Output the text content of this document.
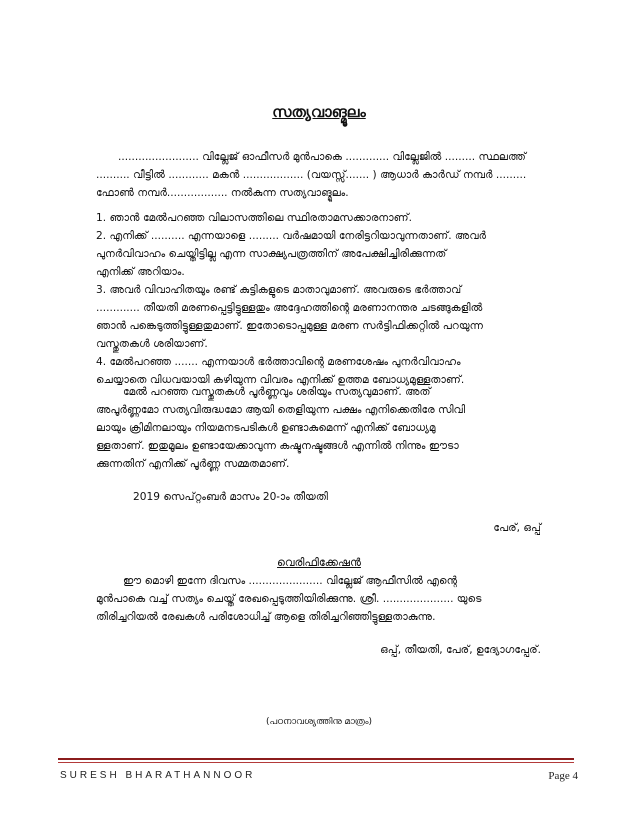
സത്യവാങ്മൂലം
........................ വില്ലേജ് ഓഫീസർ മുൻപാകെ ............. വില്ലേജിൽ ......... സ്ഥലത്ത്
.......... വീട്ടിൽ ............ മകൻ .................. (വയസ്സ്....... ) ആധാർ കാർഡ് നമ്പർ .........
ഫോൺ നമ്പർ.................. നൽകുന്ന സത്യവാങ്മൂലം.
1. ഞാൻ മേൽപറഞ്ഞ വിലാസത്തിലെ സ്ഥിരതാമസക്കാരനാണ്.
2. എനിക്ക് .......... എന്നയാളെ ......... വർഷമായി നേരിട്ടറിയാവുന്നതാണ്. അവർ
പുനർവിവാഹം ചെയ്തിട്ടില്ല എന്ന സാക്ഷ്യപത്രത്തിന് അപേക്ഷിച്ചിരിക്കുന്നത്
എനിക്ക് അറിയാം.
3. അവർ വിവാഹിതയും രണ്ട് കുട്ടികളുടെ മാതാവുമാണ്. അവരുടെ ഭർത്താവ്
............. തീയതി മരണപ്പെട്ടിട്ടുള്ളതും അദ്ദേഹത്തിന്റെ മരണാനന്തര ചടങ്ങുകളിൽ
ഞാൻ പങ്കെടുത്തിട്ടുള്ളതുമാണ്. ഇതോടൊപ്പമുള്ള മരണ സർട്ടിഫിക്കറ്റിൽ പറയുന്ന
വസ്തുതകൾ ശരിയാണ്.
4. മേൽപറഞ്ഞ ....... എന്നയാൾ ഭർത്താവിന്റെ മരണശേഷം പുനർവിവാഹം
ചെയ്യാതെ വിധവയായി കഴിയുന്ന വിവരം എനിക്ക് ഉത്തമ ബോധ്യമുള്ളതാണ്.
മേൽ പറഞ്ഞ വസ്തുതകൾ പൂർണ്ണവും ശരിയും സത്യവുമാണ്. അത്
അപൂർണ്ണമോ സത്യവിരുദ്ധമോ ആയി തെളിയുന്ന പക്ഷം എനിക്കെതിരേ സിവി
ലായും ക്രിമിനലായും നിയമനടപടികൾ ഉണ്ടാകുമെന്ന് എനിക്ക് ബോധ്യമു
ള്ളതാണ്. ഇതുമൂലം ഉണ്ടായേക്കാവുന്ന കഷ്ടനഷ്ടങ്ങൾ എന്നിൽ നിന്നും ഈടാ
ക്കുന്നതിന് എനിക്ക് പൂർണ്ണ സമ്മതമാണ്.
2019 സെപ്റ്റംബർ മാസം 20-ാം തീയതി
പേര്, ഒപ്പ്
വെരിഫിക്കേഷൻ
ഈ മൊഴി ഇന്നേ ദിവസം ...................... വില്ലേജ് ആഫീസിൽ എന്റെ
മുൻപാകെ വച്ച് സത്യം ചെയ്ത് രേഖപ്പെടുത്തിയിരിക്കുന്നു. ശ്രീ. ..................... യുടെ
തിരിച്ചറിയൽ രേഖകൾ പരിശോധിച്ച് ആളെ തിരിച്ചറിഞ്ഞിട്ടുള്ളതാകുന്നു.
ഒപ്പ്, തീയതി, പേര്, ഉദ്യോഗപ്പേര്.
(പഠനാവശ്യത്തിനു മാത്രം)
SURESH BHARATHANNOOR	Page 4
